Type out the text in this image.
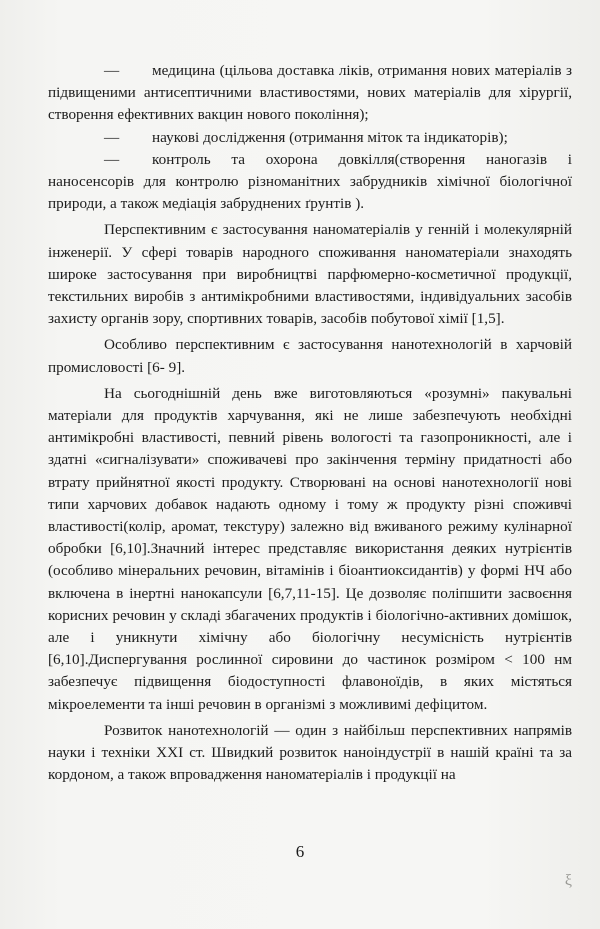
— медицина (цільова доставка ліків, отримання нових матеріалів з підвищеними антисептичними властивостями, нових матеріалів для хірургії, створення ефективних вакцин нового покоління);

— наукові дослідження (отримання міток та індикаторів);

— контроль та охорона довкілля(створення наногазів і наносенсорів для контролю різноманітних забрудників хімічної біологічної природи, а також медіація забруднених ґрунтів ).

Перспективним є застосування наноматеріалів у генній і молекулярній інженерії. У сфері товарів народного споживання наноматеріали знаходять широке застосування при виробництві парфюмерно-косметичної продукції, текстильних виробів з антимікробними властивостями, індивідуальних засобів захисту органів зору, спортивних товарів, засобів побутової хімії [1,5].

Особливо перспективним є застосування нанотехнологій в харчовій промисловості [6- 9].

На сьогоднішній день вже виготовляються «розумні» пакувальні матеріали для продуктів харчування, які не лише забезпечують необхідні антимікробні властивості, певний рівень вологості та газопроникності, але і здатні «сигналізувати» споживачеві про закінчення терміну придатності або втрату прийнятної якості продукту. Створювані на основі нанотехнології нові типи харчових добавок надають одному і тому ж продукту різні споживчі властивості(колір, аромат, текстуру) залежно від вживаного режиму кулінарної обробки [6,10].Значний інтерес представляє використання деяких нутрієнтів (особливо мінеральних речовин, вітамінів і біоантиоксидантів) у формі НЧ або включена в інертні нанокапсули [6,7,11-15]. Це дозволяє поліпшити засвоєння корисних речовин у складі збагачених продуктів і біологічно-активних домішок, але і уникнути хімічну або біологічну несумісність нутрієнтів [6,10].Диспергування рослинної сировини до частинок розміром < 100 нм забезпечує підвищення біодоступності флавоноїдів, в яких містяться мікроелементи та інші речовин в організмі з можливимі дефіцитом.

Розвиток нанотехнологій — один з найбільш перспективних напрямів науки і техніки XXI ст. Швидкий розвиток наноіндустрії в нашій країні та за кордоном, а також впровадження наноматеріалів і продукції на

6
ξ
